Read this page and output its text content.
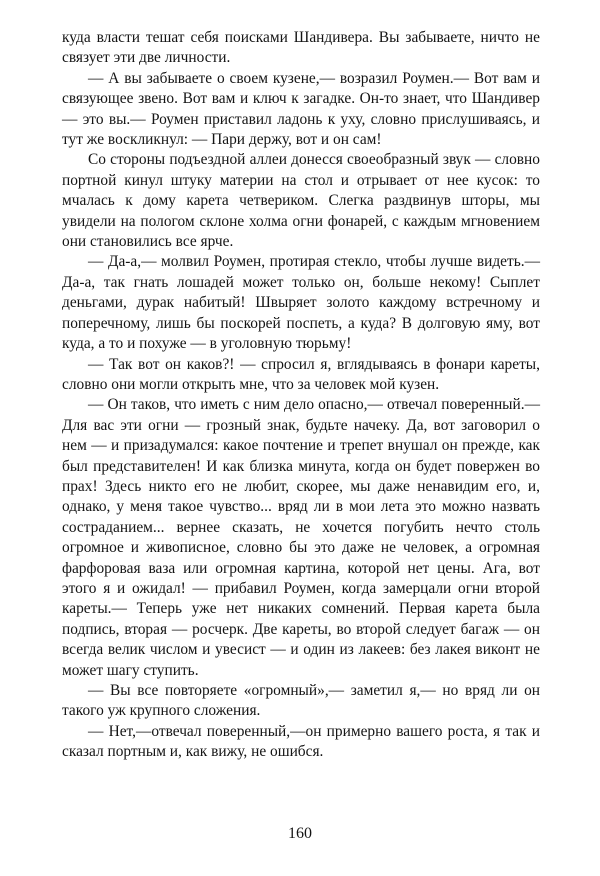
куда власти тешат себя поисками Шандивера. Вы забываете, ничто не связует эти две личности.

— А вы забываете о своем кузене,— возразил Роумен.— Вот вам и связующее звено. Вот вам и ключ к загадке. Он-то знает, что Шандивер — это вы.— Роумен приставил ладонь к уху, словно прислушиваясь, и тут же воскликнул: — Пари держу, вот и он сам!

Со стороны подъездной аллеи донесся своеобразный звук — словно портной кинул штуку материи на стол и отрывает от нее кусок: то мчалась к дому карета четвериком. Слегка раздвинув шторы, мы увидели на пологом склоне холма огни фонарей, с каждым мгновением они становились все ярче.

— Да-а,— молвил Роумен, протирая стекло, чтобы лучше видеть.— Да-а, так гнать лошадей может только он, больше некому! Сыплет деньгами, дурак набитый! Швыряет золото каждому встречному и поперечному, лишь бы поскорей поспеть, а куда? В долговую яму, вот куда, а то и похуже — в уголовную тюрьму!

— Так вот он каков?! — спросил я, вглядываясь в фонари кареты, словно они могли открыть мне, что за человек мой кузен.

— Он таков, что иметь с ним дело опасно,— отвечал поверенный.— Для вас эти огни — грозный знак, будьте начеку. Да, вот заговорил о нем — и призадумался: какое почтение и трепет внушал он прежде, как был представителен! И как близка минута, когда он будет повержен во прах! Здесь никто его не любит, скорее, мы даже ненавидим его, и, однако, у меня такое чувство... вряд ли в мои лета это можно назвать состраданием... вернее сказать, не хочется погубить нечто столь огромное и живописное, словно бы это даже не человек, а огромная фарфоровая ваза или огромная картина, которой нет цены. Ага, вот этого я и ожидал! — прибавил Роумен, когда замерцали огни второй кареты.— Теперь уже нет никаких сомнений. Первая карета была подпись, вторая — росчерк. Две кареты, во второй следует багаж — он всегда велик числом и увесист — и один из лакеев: без лакея виконт не может шагу ступить.

— Вы все повторяете «огромный»,— заметил я,— но вряд ли он такого уж крупного сложения.

— Нет,—отвечал поверенный,—он примерно вашего роста, я так и сказал портным и, как вижу, не ошибся.

160
